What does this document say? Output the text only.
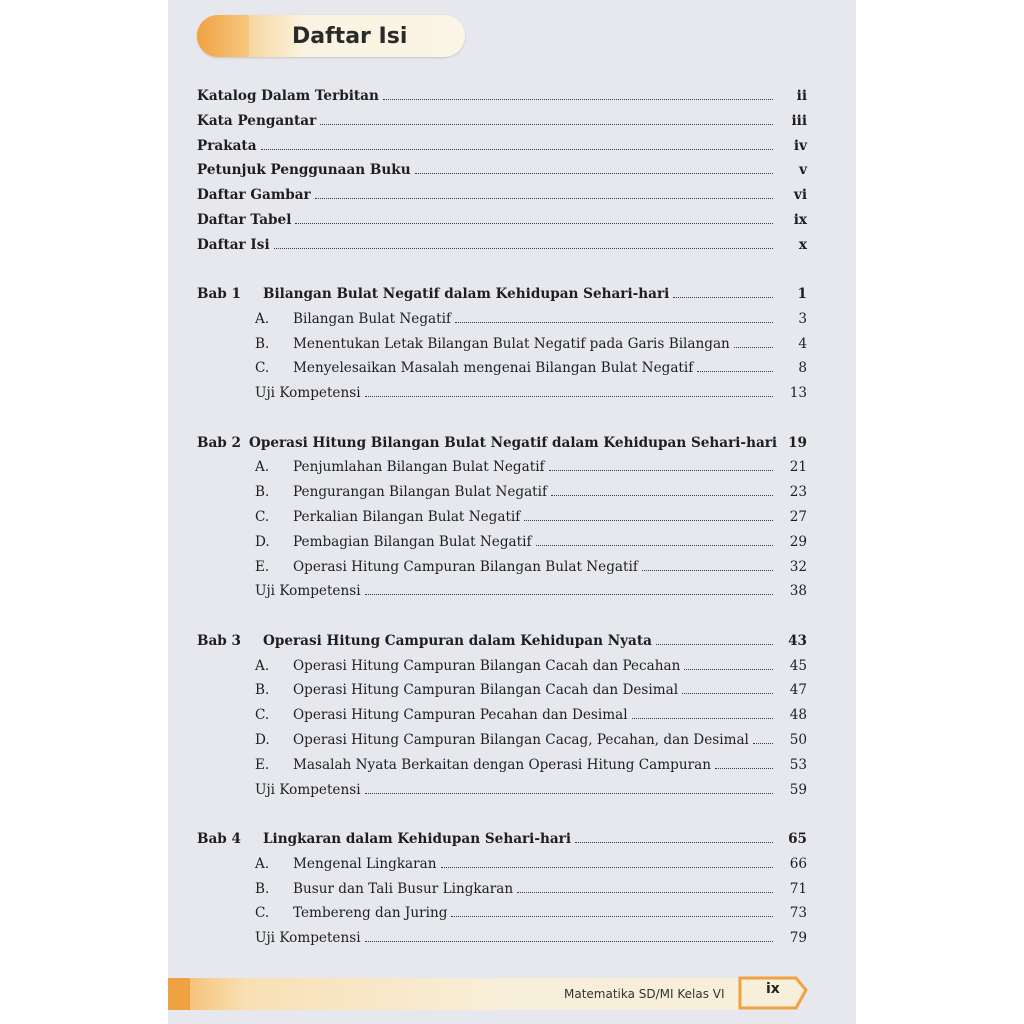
Daftar Isi
Katalog Dalam Terbitan	ii
Kata Pengantar	iii
Prakata	iv
Petunjuk Penggunaan Buku	v
Daftar Gambar	vi
Daftar Tabel	ix
Daftar Isi	x
Bab 1	Bilangan Bulat Negatif dalam Kehidupan Sehari-hari	1
A.	Bilangan Bulat Negatif	3
B.	Menentukan Letak Bilangan Bulat Negatif pada Garis Bilangan	4
C.	Menyelesaikan Masalah mengenai Bilangan Bulat Negatif	8
Uji Kompetensi	13
Bab 2 Operasi Hitung Bilangan Bulat Negatif dalam Kehidupan Sehari-hari 19
A.	Penjumlahan Bilangan Bulat Negatif	21
B.	Pengurangan Bilangan Bulat Negatif	23
C.	Perkalian Bilangan Bulat Negatif	27
D.	Pembagian Bilangan Bulat Negatif	29
E.	Operasi Hitung Campuran Bilangan Bulat Negatif	32
Uji Kompetensi	38
Bab 3	Operasi Hitung Campuran dalam Kehidupan Nyata	43
A.	Operasi Hitung Campuran Bilangan Cacah dan Pecahan	45
B.	Operasi Hitung Campuran Bilangan Cacah dan Desimal	47
C.	Operasi Hitung Campuran Pecahan dan Desimal	48
D.	Operasi Hitung Campuran Bilangan Cacag, Pecahan, dan Desimal	50
E.	Masalah Nyata Berkaitan dengan Operasi Hitung Campuran	53
Uji Kompetensi	59
Bab 4	Lingkaran dalam Kehidupan Sehari-hari	65
A.	Mengenal Lingkaran	66
B.	Busur dan Tali Busur Lingkaran	71
C.	Tembereng dan Juring	73
Uji Kompetensi	79
Matematika SD/MI Kelas VI	ix
